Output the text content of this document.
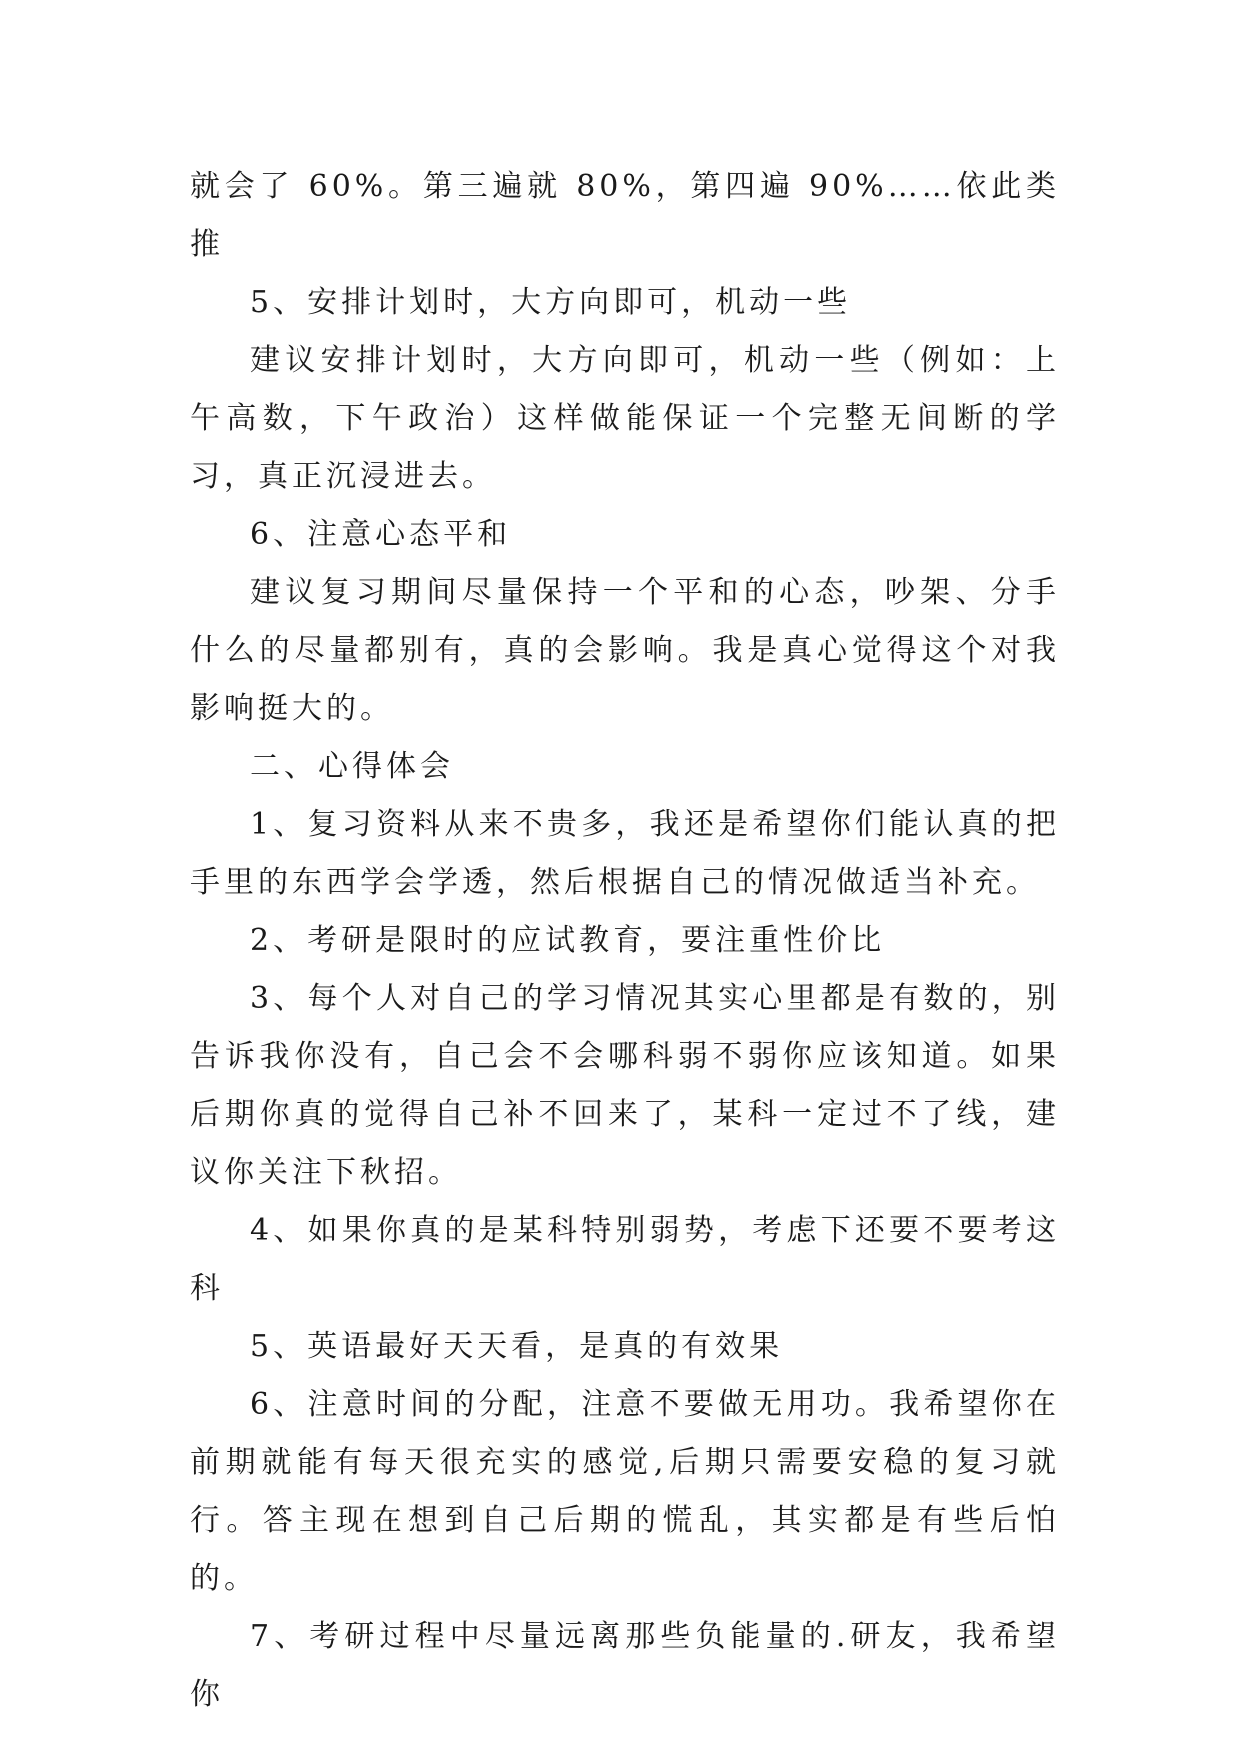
就会了 60%。第三遍就 80%，第四遍 90%……依此类推

5、安排计划时，大方向即可，机动一些

建议安排计划时，大方向即可，机动一些（例如：上午高数，下午政治）这样做能保证一个完整无间断的学习，真正沉浸进去。

6、注意心态平和

建议复习期间尽量保持一个平和的心态，吵架、分手什么的尽量都别有，真的会影响。我是真心觉得这个对我影响挺大的。

二、心得体会

1、复习资料从来不贵多，我还是希望你们能认真的把手里的东西学会学透，然后根据自己的情况做适当补充。

2、考研是限时的应试教育，要注重性价比

3、每个人对自己的学习情况其实心里都是有数的，别告诉我你没有，自己会不会哪科弱不弱你应该知道。如果后期你真的觉得自己补不回来了，某科一定过不了线，建议你关注下秋招。

4、如果你真的是某科特别弱势，考虑下还要不要考这科

5、英语最好天天看，是真的有效果

6、注意时间的分配，注意不要做无用功。我希望你在前期就能有每天很充实的感觉,后期只需要安稳的复习就行。答主现在想到自己后期的慌乱，其实都是有些后怕的。

7、考研过程中尽量远离那些负能量的.研友，我希望你
